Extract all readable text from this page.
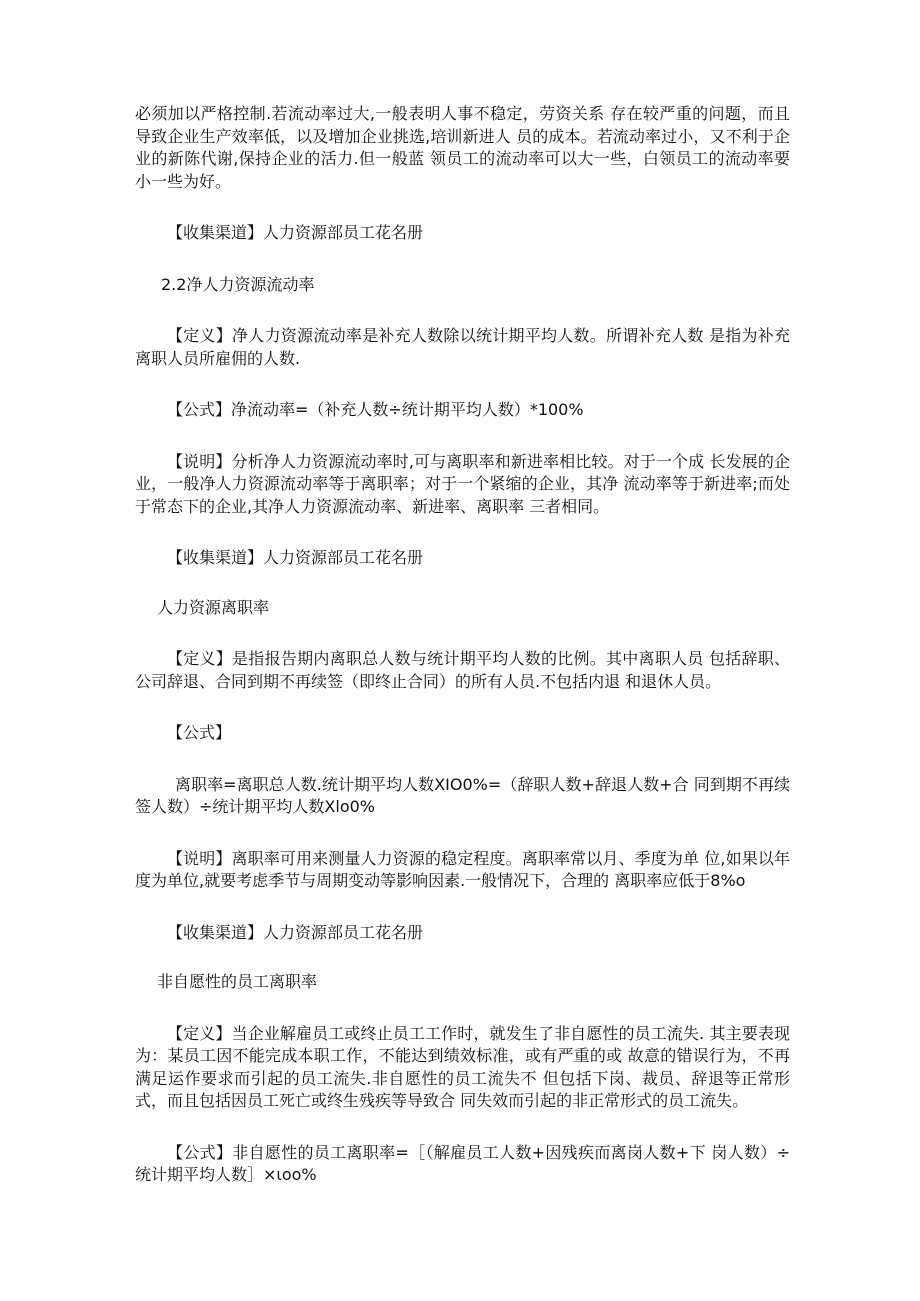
必须加以严格控制.若流动率过大,一般表明人事不稳定，劳资关系 存在较严重的问题，而且导致企业生产效率低，以及增加企业挑选,培训新进人 员的成本。若流动率过小，又不利于企业的新陈代谢,保持企业的活力.但一般蓝 领员工的流动率可以大一些，白领员工的流动率要小一些为好。

【收集渠道】人力资源部员工花名册

2.2净人力资源流动率

【定义】净人力资源流动率是补充人数除以统计期平均人数。所谓补充人数 是指为补充离职人员所雇佣的人数.

【公式】净流动率=（补充人数÷统计期平均人数）*100%

【说明】分析净人力资源流动率时,可与离职率和新进率相比较。对于一个成 长发展的企业，一般净人力资源流动率等于离职率；对于一个紧缩的企业，其净 流动率等于新进率;而处于常态下的企业,其净人力资源流动率、新进率、离职率 三者相同。

【收集渠道】人力资源部员工花名册

人力资源离职率

【定义】是指报告期内离职总人数与统计期平均人数的比例。其中离职人员 包括辞职、公司辞退、合同到期不再续签（即终止合同）的所有人员.不包括内退 和退休人员。

【公式】

离职率=离职总人数.统计期平均人数XIO0%=（辞职人数+辞退人数+合 同到期不再续签人数）÷统计期平均人数Xlo0%

【说明】离职率可用来测量人力资源的稳定程度。离职率常以月、季度为单 位,如果以年度为单位,就要考虑季节与周期变动等影响因素.一般情况下，合理的 离职率应低于8%o

【收集渠道】人力资源部员工花名册

非自愿性的员工离职率

【定义】当企业解雇员工或终止员工工作时，就发生了非自愿性的员工流失. 其主要表现为：某员工因不能完成本职工作，不能达到绩效标准，或有严重的或 故意的错误行为，不再满足运作要求而引起的员工流失.非自愿性的员工流失不 但包括下岗、裁员、辞退等正常形式，而且包括因员工死亡或终生残疾等导致合 同失效而引起的非正常形式的员工流失。

【公式】非自愿性的员工离职率=［（解雇员工人数+因残疾而离岗人数+下 岗人数）÷统计期平均人数］×ιoo%
